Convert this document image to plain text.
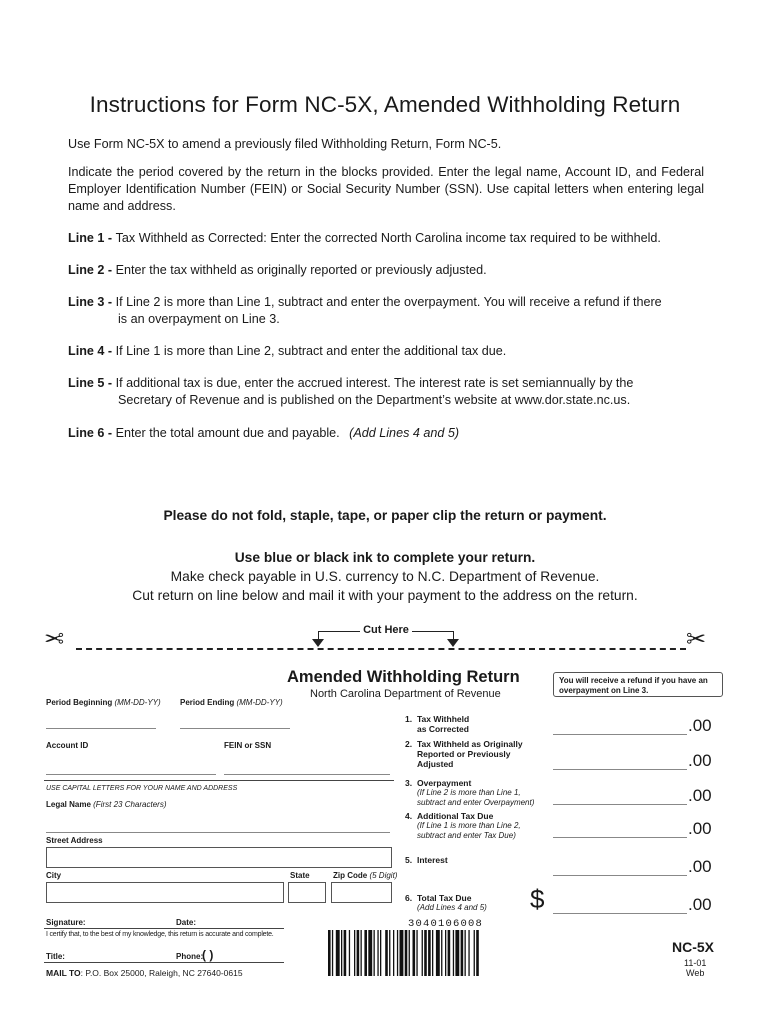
Instructions for Form NC-5X, Amended Withholding Return
Use Form NC-5X to amend a previously filed Withholding Return, Form NC-5.
Indicate the period covered by the return in the blocks provided. Enter the legal name, Account ID, and Federal Employer Identification Number (FEIN) or Social Security Number (SSN). Use capital letters when entering legal name and address.
Line 1 - Tax Withheld as Corrected: Enter the corrected North Carolina income tax required to be withheld.
Line 2 - Enter the tax withheld as originally reported or previously adjusted.
Line 3 - If Line 2 is more than Line 1, subtract and enter the overpayment. You will receive a refund if there
is an overpayment on Line 3.
Line 4 - If Line 1 is more than Line 2, subtract and enter the additional tax due.
Line 5 - If additional tax is due, enter the accrued interest. The interest rate is set semiannually by the
Secretary of Revenue and is published on the Department’s website at www.dor.state.nc.us.
Line 6 - Enter the total amount due and payable. (Add Lines 4 and 5)
Please do not fold, staple, tape, or paper clip the return or payment.
Use blue or black ink to complete your return.
Make check payable in U.S. currency to N.C. Department of Revenue.
Cut return on line below and mail it with your payment to the address on the return.
✂	✂
Cut Here
Amended Withholding Return
North Carolina Department of Revenue
You will receive a refund if you have an overpayment on Line 3.
Period Beginning (MM-DD-YY) Period Ending (MM-DD-YY)
Account ID	FEIN or SSN
USE CAPITAL LETTERS FOR YOUR NAME AND ADDRESS
Legal Name (First 23 Characters)
Street Address
City	State	Zip Code (5 Digit)
Signature:	Date:
I certify that, to the best of my knowledge, this return is accurate and complete.
Title:	Phone:
( )
MAIL TO: P.O. Box 25000, Raleigh, NC 27640-0615
1. Tax Withheld
as Corrected	.00
2. Tax Withheld as Originally
Reported or Previously
Adjusted	.00
3. Overpayment
(If Line 2 is more than Line 1,
subtract and enter Overpayment)	.00
4. Additional Tax Due
(If Line 1 is more than Line 2,
subtract and enter Tax Due)	.00
5. Interest	.00
6. Total Tax Due
(Add Lines 4 and 5)	.00
$
3040106008
NC-5X
11-01
Web
